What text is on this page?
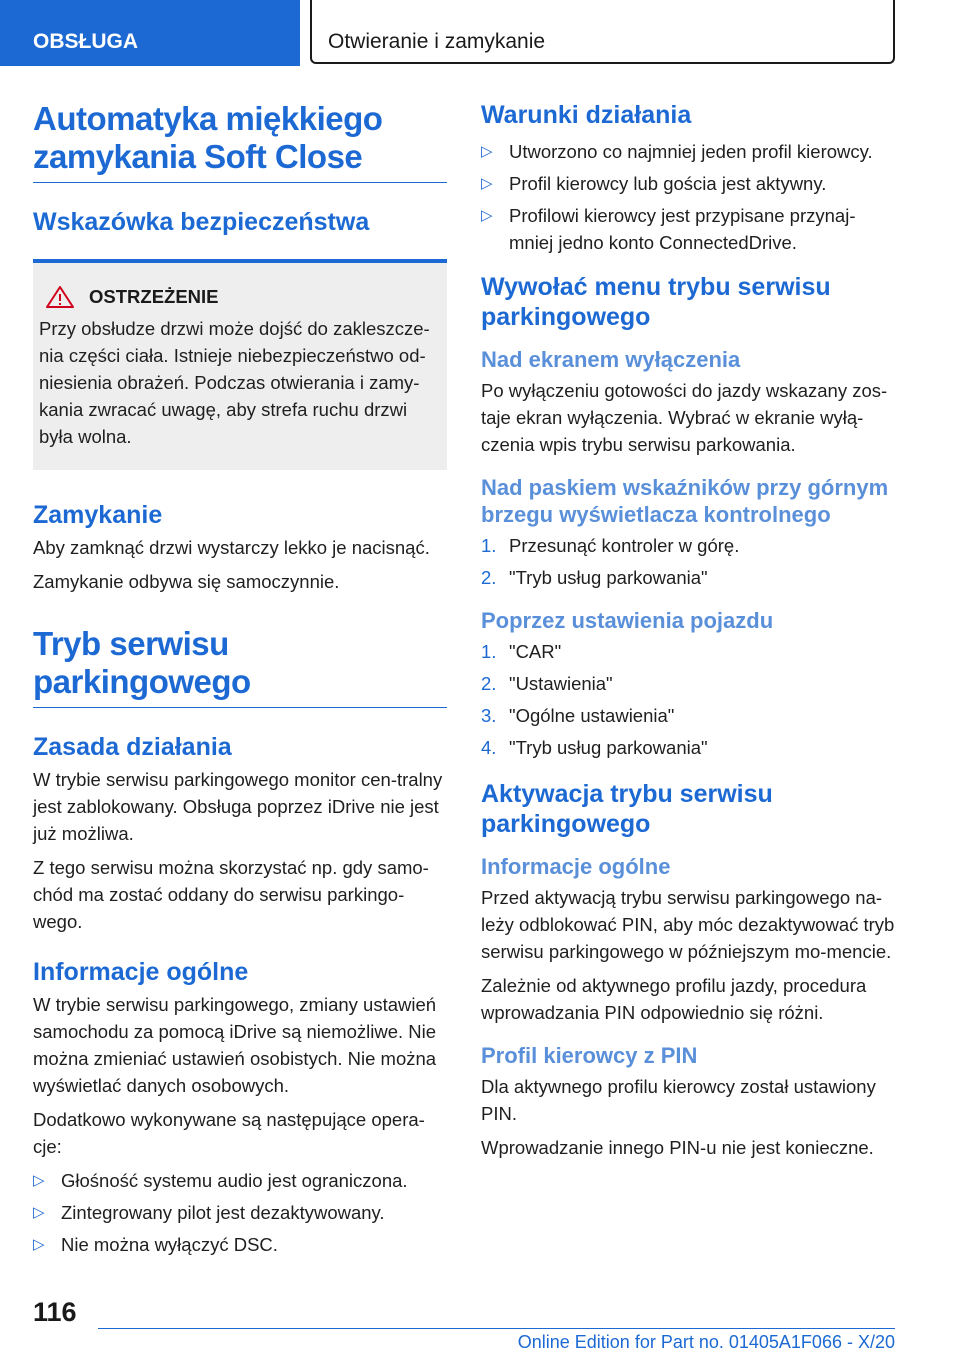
OBSŁUGA	Otwieranie i zamykanie
Automatyka miękkiego zamykania Soft Close
Wskazówka bezpieczeństwa
OSTRZEŻENIE
Przy obsłudze drzwi może dojść do zakleszcze-nia części ciała. Istnieje niebezpieczeństwo od-niesienia obrażeń. Podczas otwierania i zamy-kania zwracać uwagę, aby strefa ruchu drzwi była wolna.
Zamykanie
Aby zamknąć drzwi wystarczy lekko je nacisnąć.
Zamykanie odbywa się samoczynnie.
Tryb serwisu parkingowego
Zasada działania
W trybie serwisu parkingowego monitor cen-tralny jest zablokowany. Obsługa poprzez iDrive nie jest już możliwa.
Z tego serwisu można skorzystać np. gdy samo-chód ma zostać oddany do serwisu parkingo-wego.
Informacje ogólne
W trybie serwisu parkingowego, zmiany ustawień samochodu za pomocą iDrive są niemożliwe. Nie można zmieniać ustawień osobistych. Nie można wyświetlać danych osobowych.
Dodatkowo wykonywane są następujące opera-cje:
▷ Głośność systemu audio jest ograniczona.
▷ Zintegrowany pilot jest dezaktywowany.
▷ Nie można wyłączyć DSC.
Warunki działania
▷ Utworzono co najmniej jeden profil kierowcy.
▷ Profil kierowcy lub gościa jest aktywny.
▷ Profilowi kierowcy jest przypisane przynaj-mniej jedno konto ConnectedDrive.
Wywołać menu trybu serwisu parkingowego
Nad ekranem wyłączenia
Po wyłączeniu gotowości do jazdy wskazany zos-taje ekran wyłączenia. Wybrać w ekranie wyłą-czenia wpis trybu serwisu parkowania.
Nad paskiem wskaźników przy górnym brzegu wyświetlacza kontrolnego
1. Przesunąć kontroler w górę.
2. "Tryb usług parkowania"
Poprzez ustawienia pojazdu
1. "CAR"
2. "Ustawienia"
3. "Ogólne ustawienia"
4. "Tryb usług parkowania"
Aktywacja trybu serwisu parkingowego
Informacje ogólne
Przed aktywacją trybu serwisu parkingowego na-leży odblokować PIN, aby móc dezaktywować tryb serwisu parkingowego w późniejszym mo-mencie.
Zależnie od aktywnego profilu jazdy, procedura wprowadzania PIN odpowiednio się różni.
Profil kierowcy z PIN
Dla aktywnego profilu kierowcy został ustawiony PIN.
Wprowadzanie innego PIN-u nie jest konieczne.
116
Online Edition for Part no. 01405A1F066 - X/20
